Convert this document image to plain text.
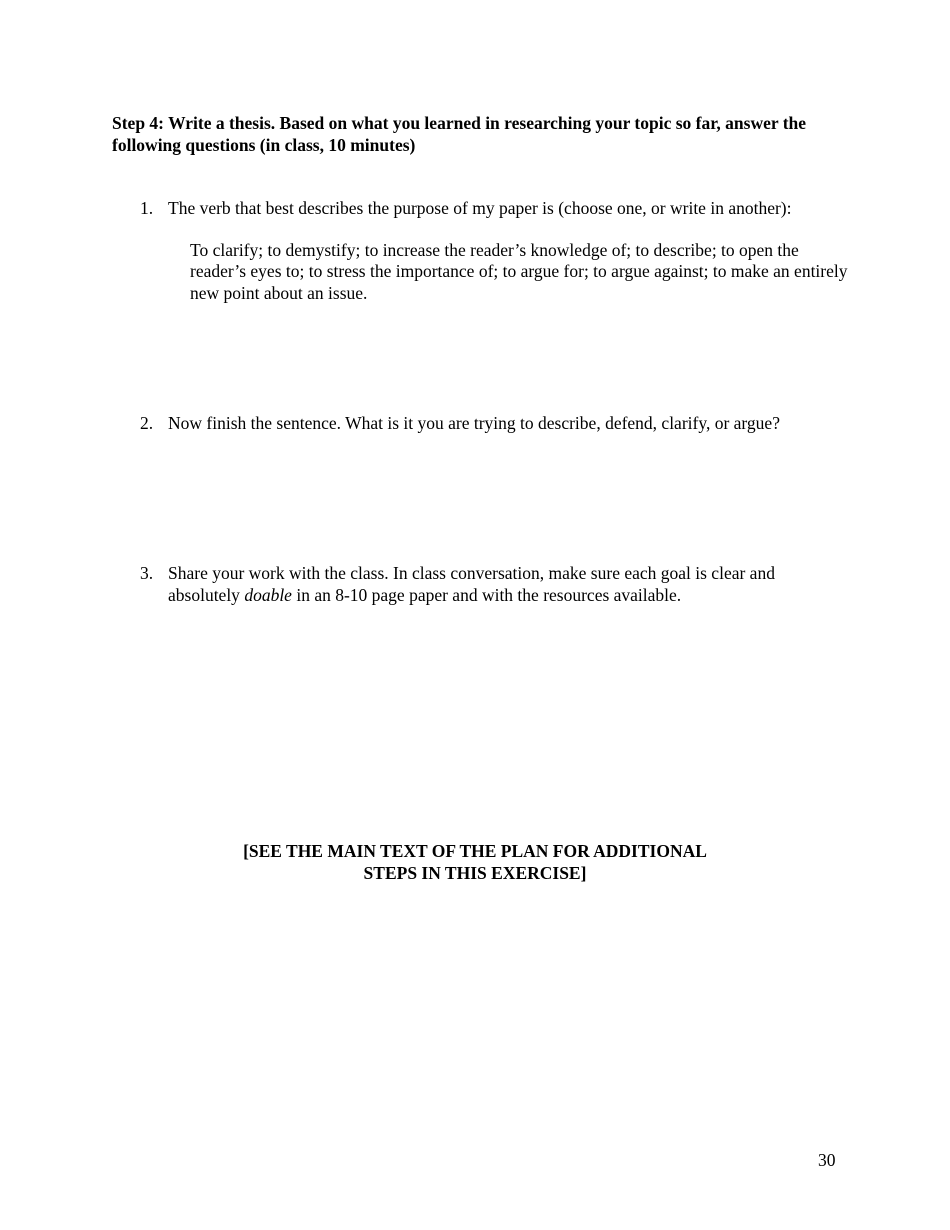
Step 4: Write a thesis. Based on what you learned in researching your topic so far, answer the following questions (in class, 10 minutes)
1. The verb that best describes the purpose of my paper is (choose one, or write in another):
To clarify; to demystify; to increase the reader’s knowledge of; to describe; to open the reader’s eyes to; to stress the importance of; to argue for; to argue against; to make an entirely new point about an issue.
2. Now finish the sentence. What is it you are trying to describe, defend, clarify, or argue?
3. Share your work with the class. In class conversation, make sure each goal is clear and absolutely doable in an 8-10 page paper and with the resources available.
[SEE THE MAIN TEXT OF THE PLAN FOR ADDITIONAL
STEPS IN THIS EXERCISE]
30
